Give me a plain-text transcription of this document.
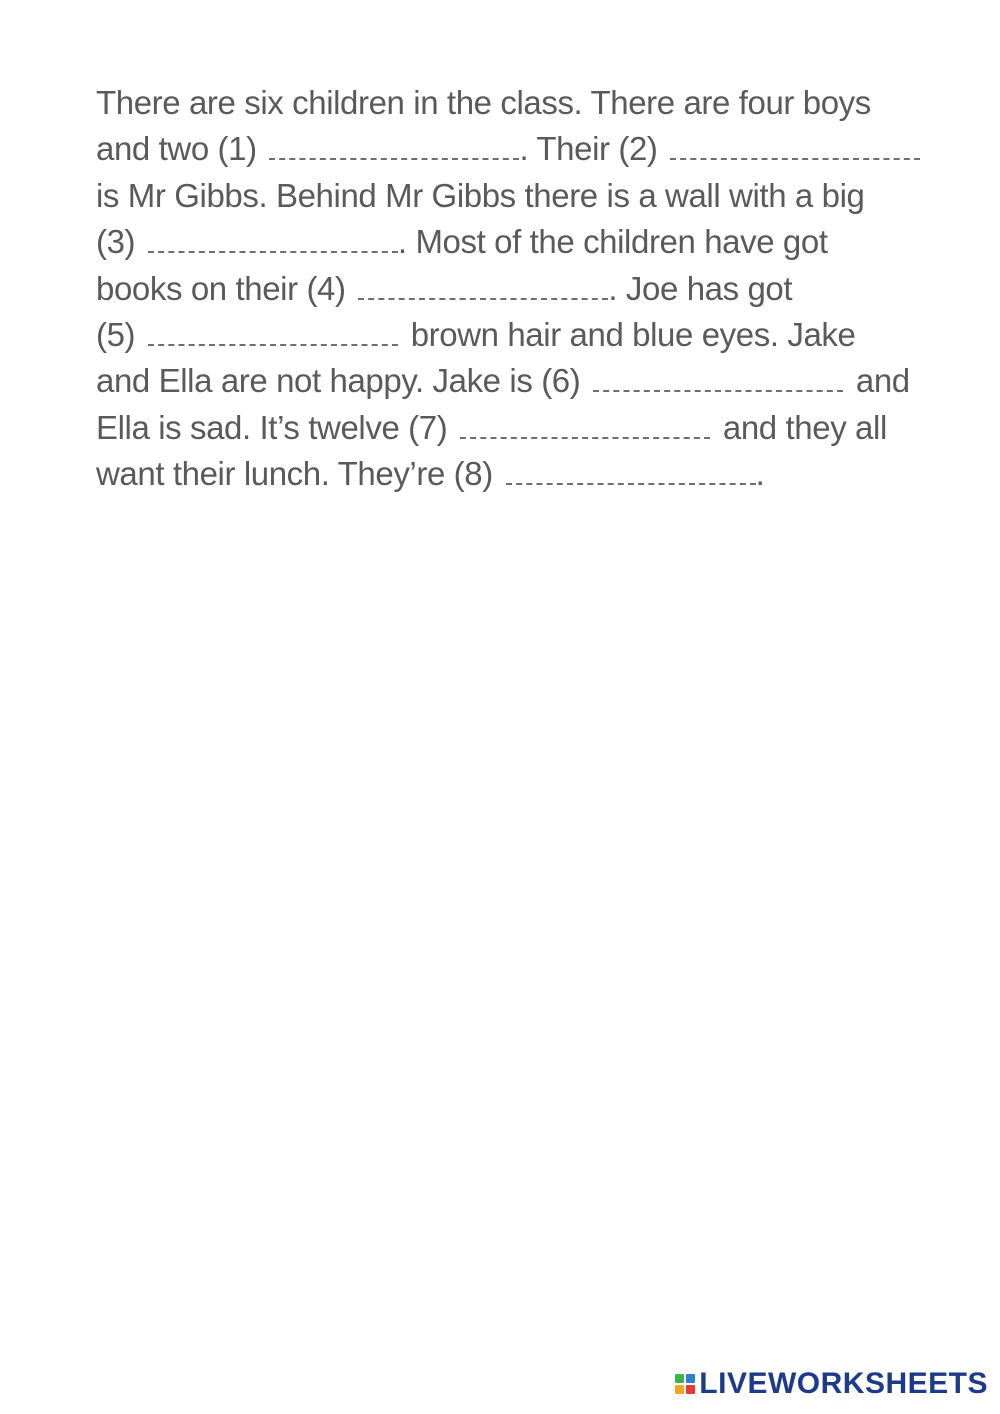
There are six children in the class. There are four boys
and two (1)	. Their (2)
is Mr Gibbs. Behind Mr Gibbs there is a wall with a big
(3)	. Most of the children have got
books on their (4)	. Joe has got
(5)	brown hair and blue eyes. Jake
and Ella are not happy. Jake is (6)	and
Ella is sad. It’s twelve (7)	and they all
want their lunch. They’re (8)	.
LIVEWORKSHEETS
